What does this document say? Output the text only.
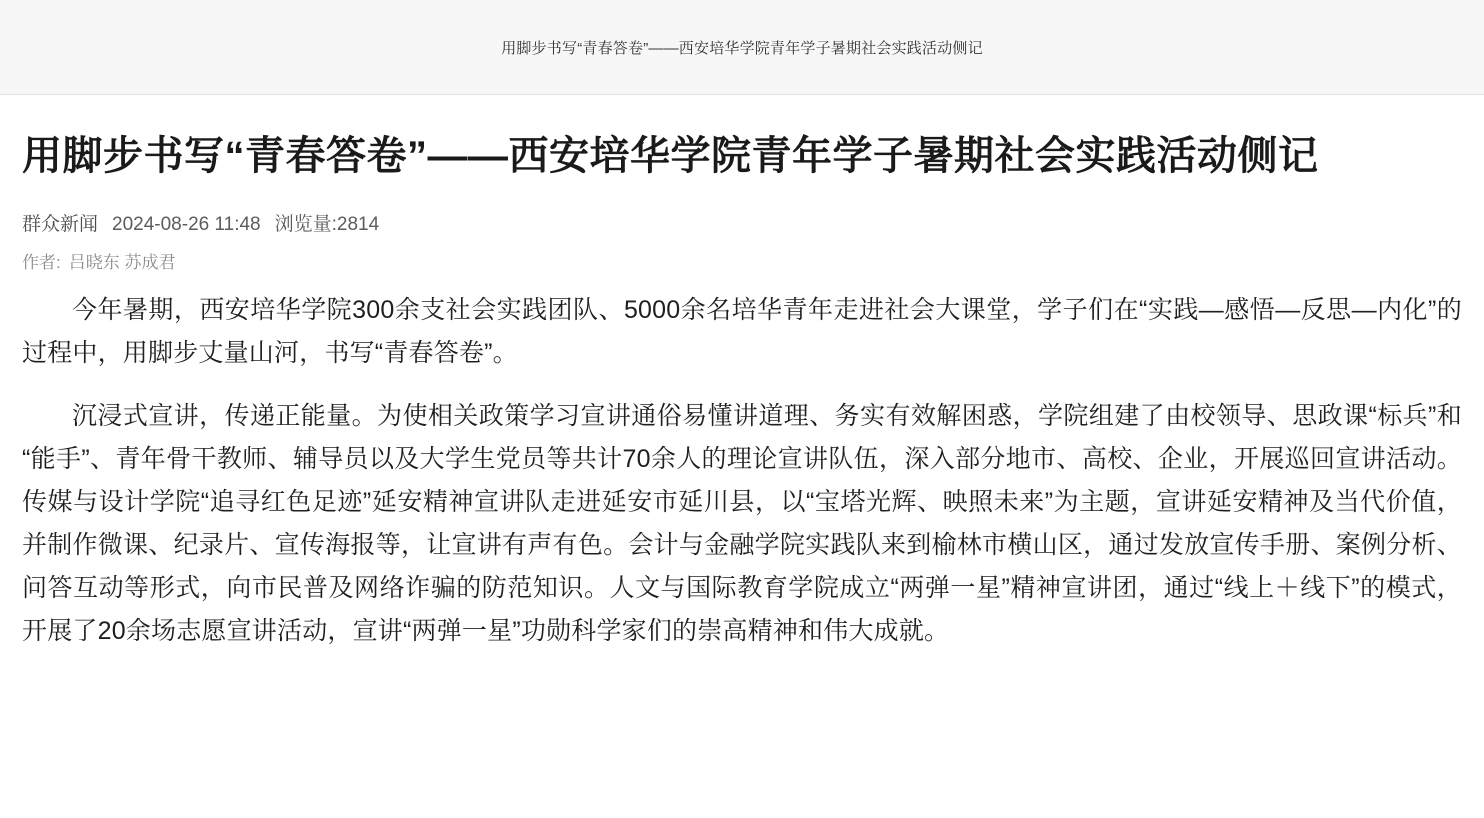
用脚步书写“青春答卷”——西安培华学院青年学子暑期社会实践活动侧记
用脚步书写“青春答卷”——西安培华学院青年学子暑期社会实践活动侧记
群众新闻 2024-08-26 11:48 浏览量:2814
作者: 吕晓东 苏成君

今年暑期，西安培华学院300余支社会实践团队、5000余名培华青年走进社会大课堂，学子们在“实践—感悟—反思—内化”的过程中，用脚步丈量山河，书写“青春答卷”。

沉浸式宣讲，传递正能量。为使相关政策学习宣讲通俗易懂讲道理、务实有效解困惑，学院组建了由校领导、思政课“标兵”和“能手”、青年骨干教师、辅导员以及大学生党员等共计70余人的理论宣讲队伍，深入部分地市、高校、企业，开展巡回宣讲活动。传媒与设计学院“追寻红色足迹”延安精神宣讲队走进延安市延川县，以“宝塔光辉、映照未来”为主题，宣讲延安精神及当代价值，并制作微课、纪录片、宣传海报等，让宣讲有声有色。会计与金融学院实践队来到榆林市横山区，通过发放宣传手册、案例分析、问答互动等形式，向市民普及网络诈骗的防范知识。人文与国际教育学院成立“两弹一星”精神宣讲团，通过“线上＋线下”的模式，开展了20余场志愿宣讲活动，宣讲“两弹一星”功勋科学家们的崇高精神和伟大成就。
